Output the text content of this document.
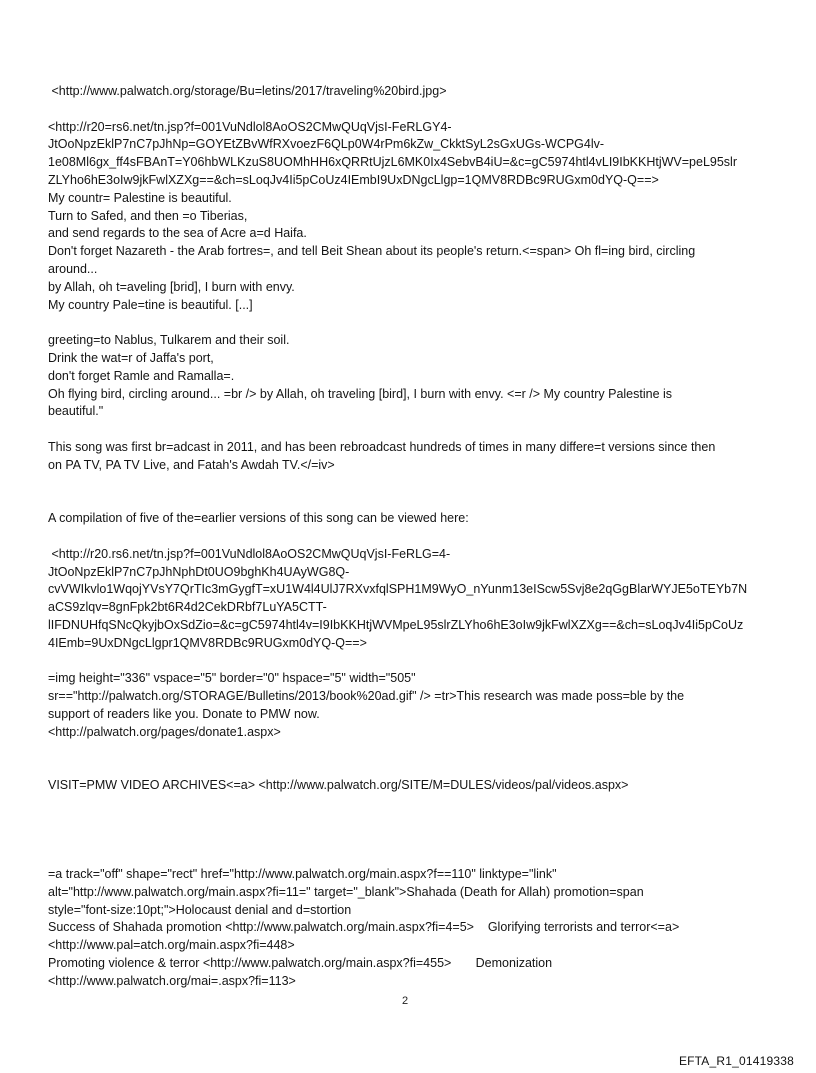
<http://www.palwatch.org/storage/Bu=letins/2017/traveling%20bird.jpg>
<http://r20=rs6.net/tn.jsp?f=001VuNdlol8AoOS2CMwQUqVjsI-FeRLGY4-
JtOoNpzEklP7nC7pJhNp=GOYEtZBvWfRXvoezF6QLp0W4rPm6kZw_CkktSyL2sGxUGs-WCPG4lv-
1e08Ml6gx_ff4sFBAnT=Y06hbWLKzuS8UOMhHH6xQRRtUjzL6MK0Ix4SebvB4iU=&c=gC5974htl4vLI9IbKKHtjWV=peL95slr
ZLYho6hE3oIw9jkFwlXZXg==&ch=sLoqJv4Ii5pCoUz4IEmbI9UxDNgcLlgp=1QMV8RDBc9RUGxm0dYQ-Q==>
My countr= Palestine is beautiful.
Turn to Safed, and then =o Tiberias,
and send regards to the sea of Acre a=d Haifa.
Don't forget Nazareth - the Arab fortres=, and tell Beit Shean about its people's return.<=span> Oh fl=ing bird, circling
around...
by Allah, oh t=aveling [brid], I burn with envy.
My country Pale=tine is beautiful. [...]
greeting=to Nablus, Tulkarem and their soil.
Drink the wat=r of Jaffa's port,
don't forget Ramle and Ramalla=.
Oh flying bird, circling around... =br /> by Allah, oh traveling [bird], I burn with envy. <=r /> My country Palestine is
beautiful."
This song was first br=adcast in 2011, and has been rebroadcast hundreds of times in many differe=t versions since then
on PA TV, PA TV Live, and Fatah's Awdah TV.</=iv>
A compilation of five of the=earlier versions of this song can be viewed here:
<http://r20.rs6.net/tn.jsp?f=001VuNdlol8AoOS2CMwQUqVjsI-FeRLG=4-
JtOoNpzEklP7nC7pJhNphDt0UO9bghKh4UAyWG8Q-
cvVWIkvlo1WqojYVsY7QrTIc3mGygfT=xU1W4l4UlJ7RXvxfqlSPH1M9WyO_nYunm13eIScw5Svj8e2qGgBlarWYJE5oTEYb7N
aCS9zlqv=8gnFpk2bt6R4d2CekDRbf7LuYA5CTT-
lIFDNUHfqSNcQkyjbOxSdZio=&c=gC5974htl4v=I9IbKKHtjWVMpeL95slrZLYho6hE3oIw9jkFwlXZXg==&ch=sLoqJv4Ii5pCoUz
4IEmb=9UxDNgcLlgpr1QMV8RDBc9RUGxm0dYQ-Q==>
=img height="336" vspace="5" border="0" hspace="5" width="505"
sr=="http://palwatch.org/STORAGE/Bulletins/2013/book%20ad.gif" /> =tr>This research was made poss=ble by the
support of readers like you. Donate to PMW now.
<http://palwatch.org/pages/donate1.aspx>
VISIT=PMW VIDEO ARCHIVES<=a> <http://www.palwatch.org/SITE/M=DULES/videos/pal/videos.aspx>
=a track="off" shape="rect" href="http://www.palwatch.org/main.aspx?f==110" linktype="link"
alt="http://www.palwatch.org/main.aspx?fi=11=" target="_blank">Shahada (Death for Allah) promotion=span
style="font-size:10pt;">Holocaust denial and d=stortion
Success of Shahada promotion <http://www.palwatch.org/main.aspx?fi=4=5>    Glorifying terrorists and terror<=a>
<http://www.pal=atch.org/main.aspx?fi=448>
Promoting violence & terror <http://www.palwatch.org/main.aspx?fi=455>       Demonization
<http://www.palwatch.org/mai=.aspx?fi=113>
2
EFTA_R1_01419338
